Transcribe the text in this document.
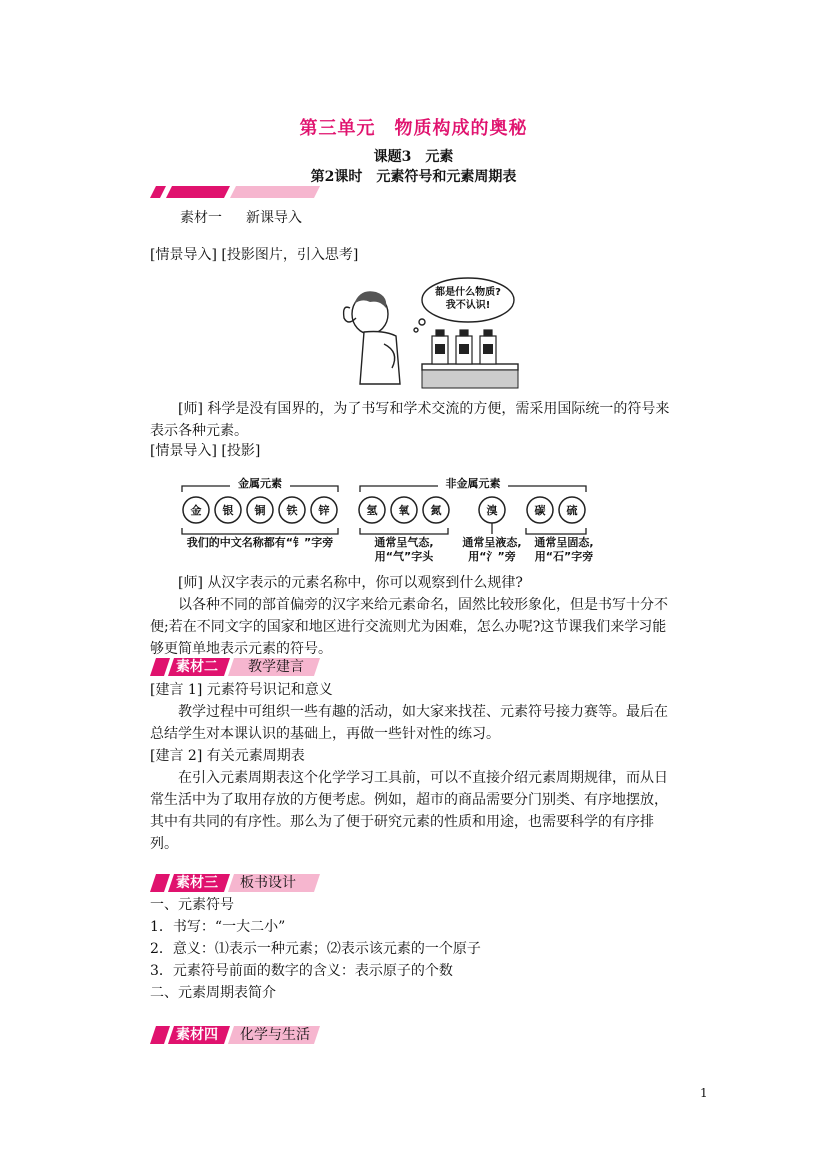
第三单元　物质构成的奥秘
课题3　元素
第2课时　元素符号和元素周期表
素材一 新课导入
[情景导入] [投影图片，引入思考]
都是什么物质?
我不认识!
[师] 科学是没有国界的，为了书写和学术交流的方便，需采用国际统一的符号来表示各种元素。
[情景导入] [投影]
金属元素	非金属元素
金 银 铜 铁 锌	氢 氧 氮	溴	碳 硫
我们的中文名称都有“钅”字旁	通常呈气态,
用“气”字头
通常呈液态,
用“氵”旁
通常呈固态,
用“石”字旁
[师] 从汉字表示的元素名称中，你可以观察到什么规律?
以各种不同的部首偏旁的汉字来给元素命名，固然比较形象化，但是书写十分不便;若在不同文字的国家和地区进行交流则尤为困难，怎么办呢?这节课我们来学习能够更简单地表示元素的符号。
素材二 教学建言
[建言 1] 元素符号识记和意义
教学过程中可组织一些有趣的活动，如大家来找茬、元素符号接力赛等。最后在总结学生对本课认识的基础上，再做一些针对性的练习。
[建言 2] 有关元素周期表
在引入元素周期表这个化学学习工具前，可以不直接介绍元素周期规律，而从日常生活中为了取用存放的方便考虑。例如，超市的商品需要分门别类、有序地摆放，其中有共同的有序性。那么为了便于研究元素的性质和用途，也需要科学的有序排列。
素材三 板书设计
一、元素符号
1．书写：“一大二小”
2．意义：⑴表示一种元素；⑵表示该元素的一个原子
3．元素符号前面的数字的含义：表示原子的个数
二、元素周期表简介
素材四 化学与生活
1
